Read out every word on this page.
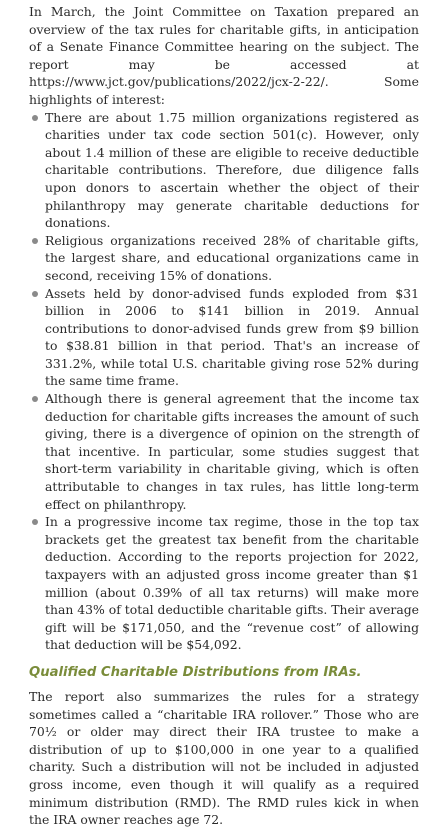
In March, the Joint Committee on Taxation prepared an overview of the tax rules for charitable gifts, in anticipation of a Senate Finance Committee hearing on the subject. The report may be accessed at https://www.jct.gov/publications/2022/jcx-2-22/. Some highlights of interest:

There are about 1.75 million organizations registered as charities under tax code section 501(c). However, only about 1.4 million of these are eligible to receive deductible charitable contributions. Therefore, due diligence falls upon donors to ascertain whether the object of their philanthropy may generate charitable deductions for donations.
Religious organizations received 28% of charitable gifts, the largest share, and educational organizations came in second, receiving 15% of donations.
Assets held by donor-advised funds exploded from $31 billion in 2006 to $141 billion in 2019. Annual contributions to donor-advised funds grew from $9 billion to $38.81 billion in that period. That's an increase of 331.2%, while total U.S. charitable giving rose 52% during the same time frame.
Although there is general agreement that the income tax deduction for charitable gifts increases the amount of such giving, there is a divergence of opinion on the strength of that incentive. In particular, some studies suggest that short-term variability in charitable giving, which is often attributable to changes in tax rules, has little long-term effect on philanthropy.
In a progressive income tax regime, those in the top tax brackets get the greatest tax benefit from the charitable deduction. According to the reports projection for 2022, taxpayers with an adjusted gross income greater than $1 million (about 0.39% of all tax returns) will make more than 43% of total deductible charitable gifts. Their average gift will be $171,050, and the “revenue cost” of allowing that deduction will be $54,092.
Qualified Charitable Distributions from IRAs.

The report also summarizes the rules for a strategy sometimes called a “charitable IRA rollover.” Those who are 70½ or older may direct their IRA trustee to make a distribution of up to $100,000 in one year to a qualified charity. Such a distribution will not be included in adjusted gross income, even though it will qualify as a required minimum distribution (RMD). The RMD rules kick in when the IRA owner reaches age 72.
